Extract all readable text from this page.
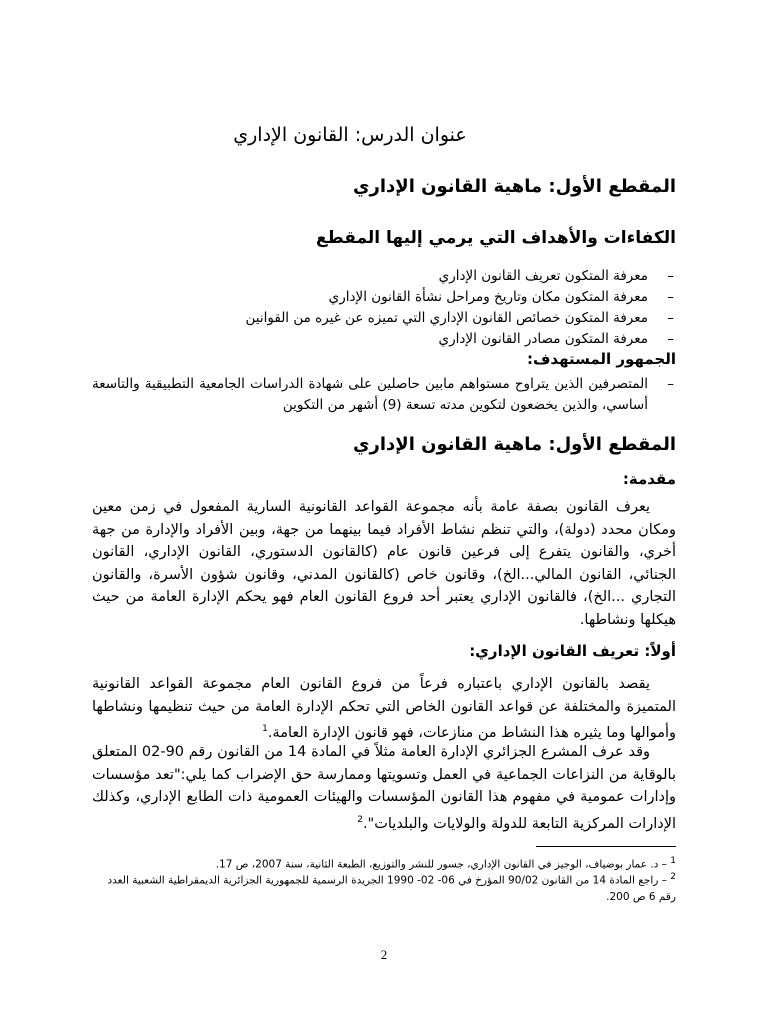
عنوان الدرس: القانون الإداري
المقطع الأول: ماهية القانون الإداري
الكفاءات والأهداف التي يرمي إليها المقطع
– معرفة المتكون تعريف القانون الإداري
– معرفة المتكون مكان وتاريخ ومراحل نشأة القانون الإداري
– معرفة المتكون خصائص القانون الإداري التي تميزه عن غيره من القوانين
– معرفة المتكون مصادر القانون الإداري
الجمهور المستهدف:
– المتصرفين الذين يتراوح مستواهم مابين حاصلين على شهادة الدراسات الجامعية التطبيقية والتاسعة أساسي، والذين يخضعون لتكوين مدته تسعة (9) أشهر من التكوين
المقطع الأول: ماهية القانون الإداري
مقدمة:

يعرف القانون بصفة عامة بأنه مجموعة القواعد القانونية السارية المفعول في زمن معين ومكان محدد (دولة)، والتي تنظم نشاط الأفراد فيما بينهما من جهة، وبين الأفراد والإدارة من جهة أخري، والقانون يتفرع إلى فرعين قانون عام (كالقانون الدستوري، القانون الإداري، القانون الجنائي، القانون المالي...الخ)، وقانون خاص (كالقانون المدني، وقانون شؤون الأسرة، والقانون التجاري ...الخ)، فالقانون الإداري يعتبر أحد فروع القانون العام فهو يحكم الإدارة العامة من حيث هيكلها ونشاطها.

أولاً: تعريف القانون الإداري:

يقصد بالقانون الإداري باعتباره فرعاً من فروع القانون العام مجموعة القواعد القانونية المتميزة والمختلفة عن قواعد القانون الخاص التي تحكم الإدارة العامة من حيث تنظيمها ونشاطها وأموالها وما يثيره هذا النشاط من منازعات، فهو قانون الإدارة العامة.$^1$

وقد عرف المشرع الجزائري الإدارة العامة مثلاً في المادة 14 من القانون رقم 90-02 المتعلق بالوقاية من النزاعات الجماعية في العمل وتسويتها وممارسة حق الإضراب كما يلي:"تعد مؤسسات وإدارات عمومية في مفهوم هذا القانون المؤسسات والهيئات العمومية ذات الطابع الإداري، وكذلك الإدارات المركزية التابعة للدولة والولايات والبلديات".$^2$

$^1$ – د. عمار بوضياف، الوجيز في القانون الإداري، جسور للنشر والتوزيع، الطبعة الثانية، سنة 2007، ص 17.
$^2$ – راجع المادة 14 من القانون 90/02 المؤرخ في 06- 02- 1990 الجريدة الرسمية للجمهورية الجزائرية الديمقراطية الشعبية العدد رقم 6 ص 200.
2
